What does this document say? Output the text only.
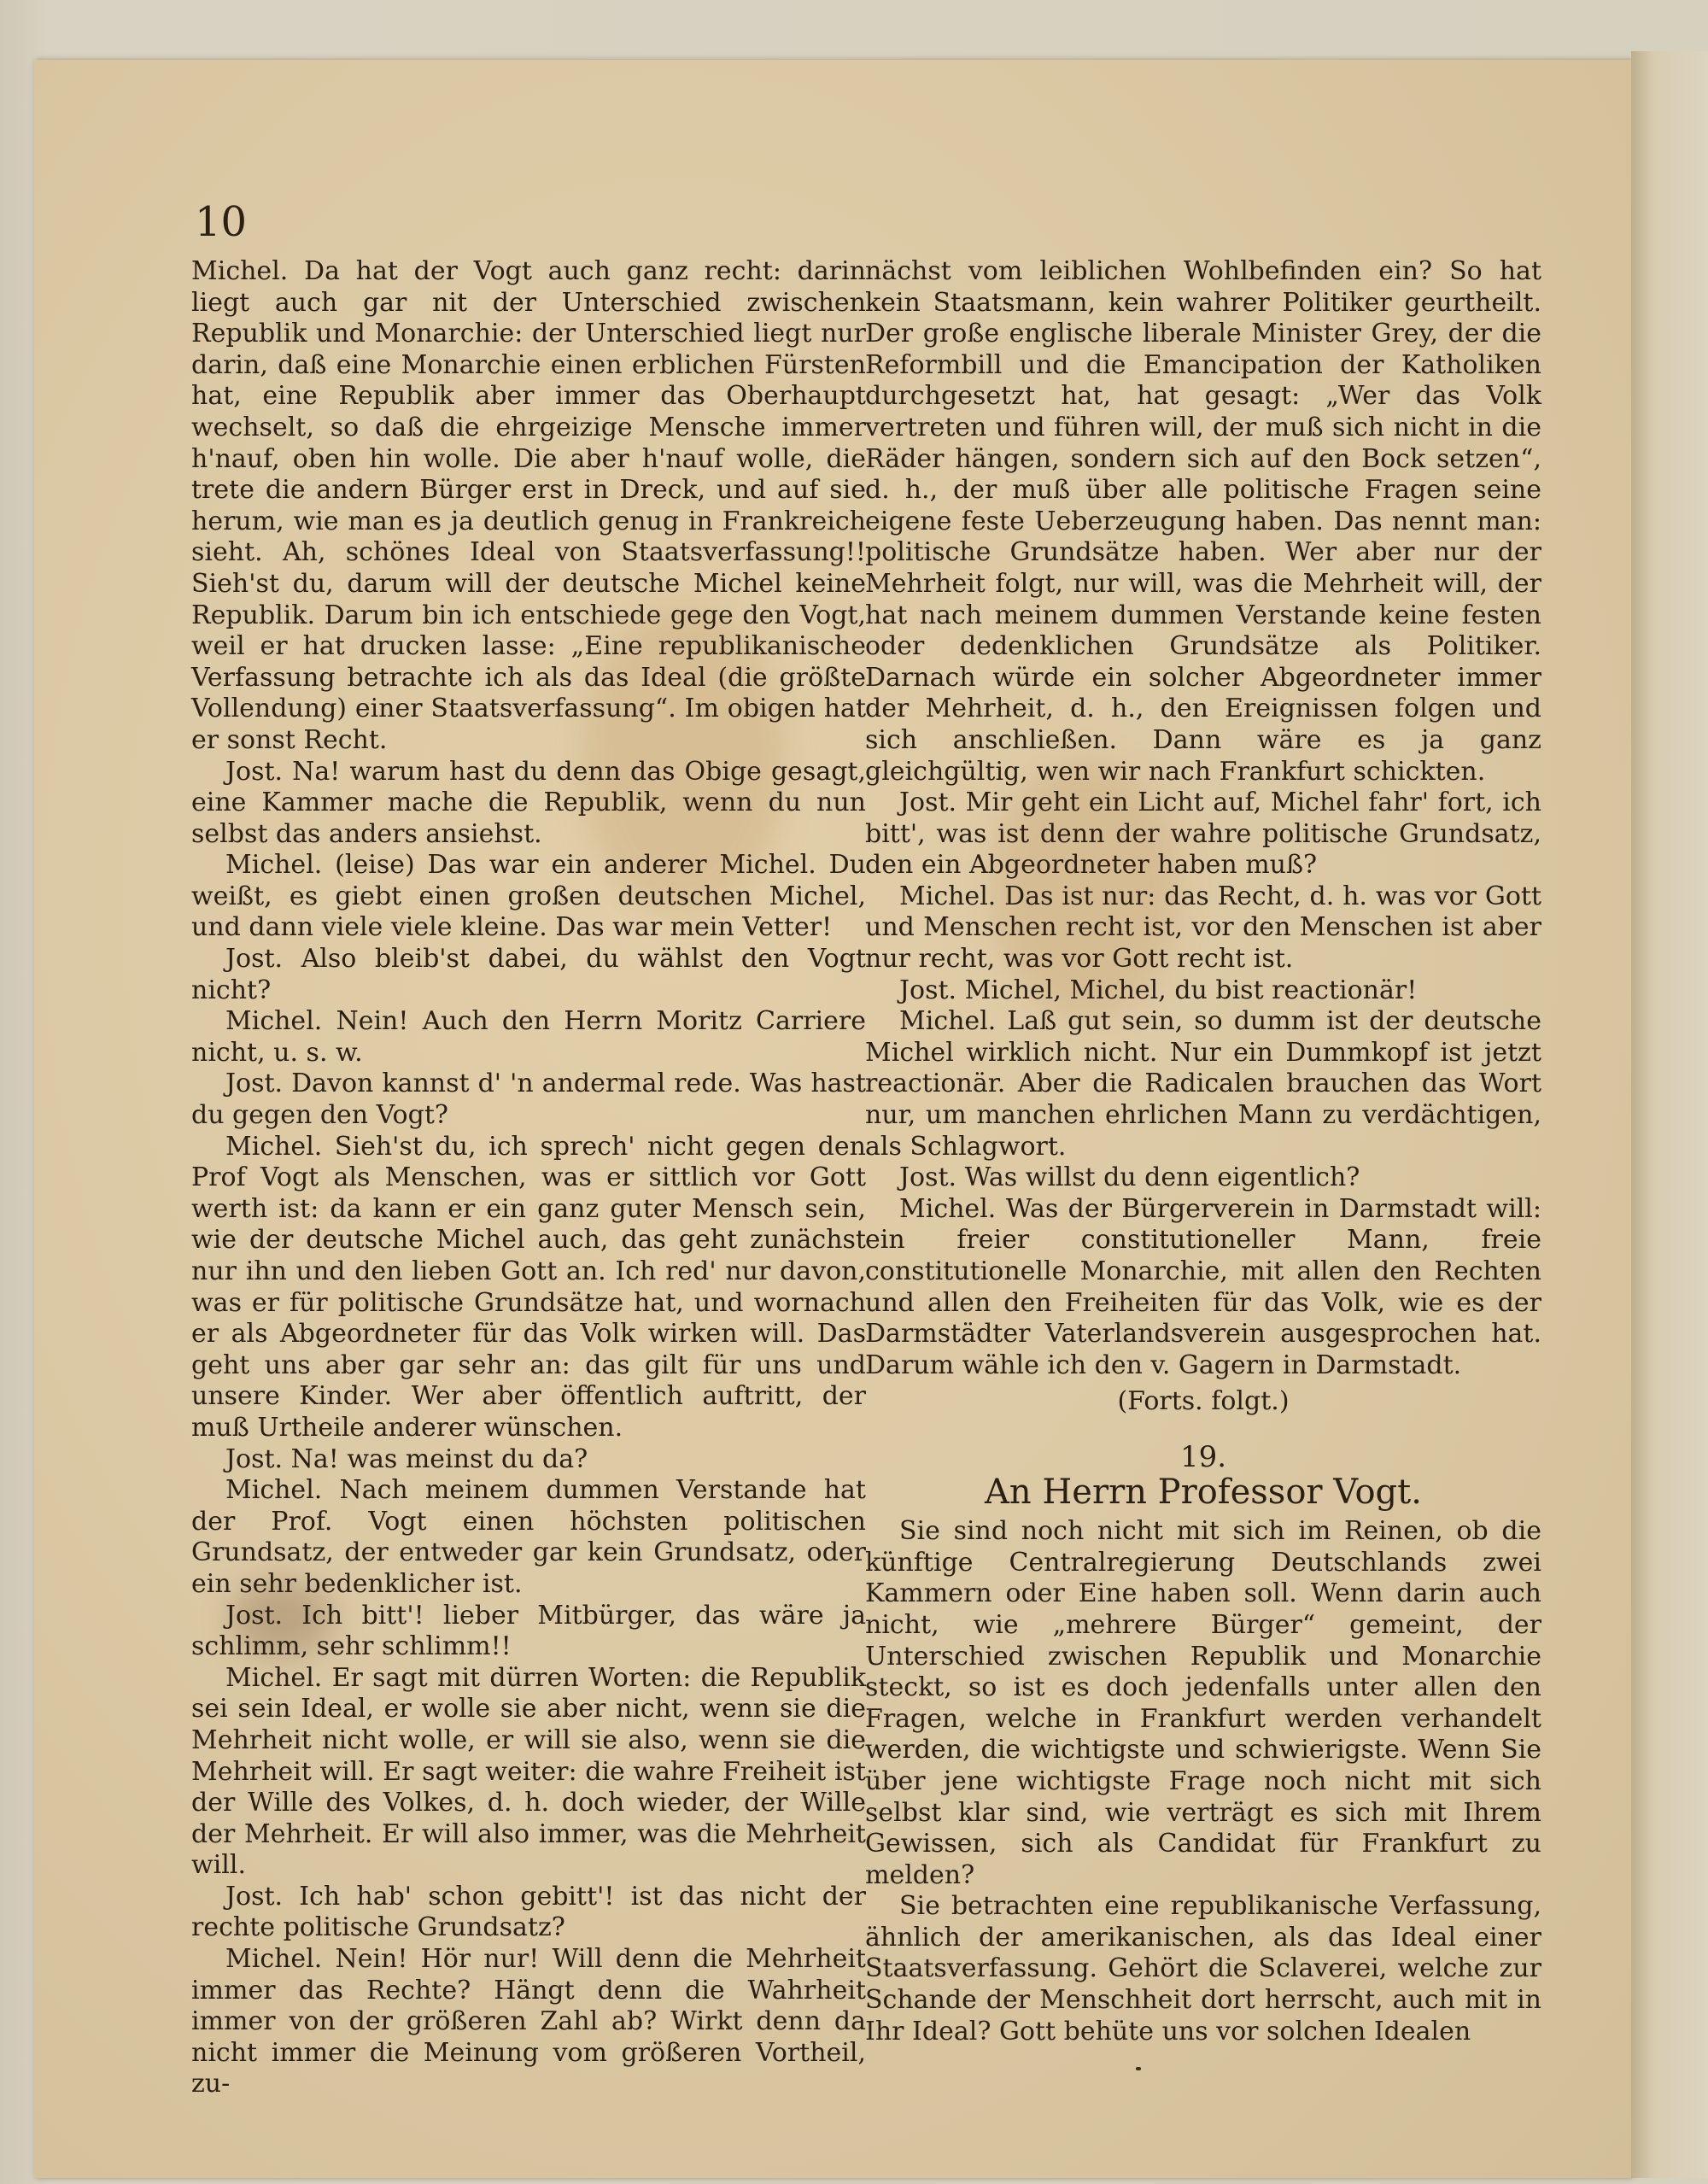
10

Michel. Da hat der Vogt auch ganz recht: darin liegt auch gar nit der Unterschied zwischen Republik und Monarchie: der Unterschied liegt nur darin, daß eine Monarchie einen erblichen Fürsten hat, eine Republik aber immer das Oberhaupt wechselt, so daß die ehrgeizige Mensche immer h'nauf, oben hin wolle. Die aber h'nauf wolle, die trete die andern Bürger erst in Dreck, und auf sie herum, wie man es ja deutlich genug in Frankreich sieht. Ah, schönes Ideal von Staatsverfassung!! Sieh'st du, darum will der deutsche Michel keine Republik. Darum bin ich entschiede gege den Vogt, weil er hat drucken lasse: „Eine republikanische Verfassung betrachte ich als das Ideal (die größte Vollendung) einer Staatsverfassung“. Im obigen hat er sonst Recht.

Jost. Na! warum hast du denn das Obige gesagt, eine Kammer mache die Republik, wenn du nun selbst das anders ansiehst.

Michel. (leise) Das war ein anderer Michel. Du weißt, es giebt einen großen deutschen Michel, und dann viele viele kleine. Das war mein Vetter!

Jost. Also bleib'st dabei, du wählst den Vogt nicht?

Michel. Nein! Auch den Herrn Moritz Carriere nicht, u. s. w.

Jost. Davon kannst d' 'n andermal rede. Was hast du gegen den Vogt?

Michel. Sieh'st du, ich sprech' nicht gegen den Prof Vogt als Menschen, was er sittlich vor Gott werth ist: da kann er ein ganz guter Mensch sein, wie der deutsche Michel auch, das geht zunächst nur ihn und den lieben Gott an. Ich red' nur davon, was er für politische Grundsätze hat, und wornach er als Abgeordneter für das Volk wirken will. Das geht uns aber gar sehr an: das gilt für uns und unsere Kinder. Wer aber öffentlich auftritt, der muß Urtheile anderer wünschen.

Jost. Na! was meinst du da?

Michel. Nach meinem dummen Verstande hat der Prof. Vogt einen höchsten politischen Grundsatz, der entweder gar kein Grundsatz, oder ein sehr bedenklicher ist.

Jost. Ich bitt'! lieber Mitbürger, das wäre ja schlimm, sehr schlimm!!

Michel. Er sagt mit dürren Worten: die Republik sei sein Ideal, er wolle sie aber nicht, wenn sie die Mehrheit nicht wolle, er will sie also, wenn sie die Mehrheit will. Er sagt weiter: die wahre Freiheit ist der Wille des Volkes, d. h. doch wieder, der Wille der Mehrheit. Er will also immer, was die Mehrheit will.

Jost. Ich hab' schon gebitt'! ist das nicht der rechte politische Grundsatz?

Michel. Nein! Hör nur! Will denn die Mehrheit immer das Rechte? Hängt denn die Wahrheit immer von der größeren Zahl ab? Wirkt denn da nicht immer die Meinung vom größeren Vortheil, zu-

nächst vom leiblichen Wohlbefinden ein? So hat kein Staatsmann, kein wahrer Politiker geurtheilt. Der große englische liberale Minister Grey, der die Reformbill und die Emancipation der Katholiken durchgesetzt hat, hat gesagt: „Wer das Volk vertreten und führen will, der muß sich nicht in die Räder hängen, sondern sich auf den Bock setzen“, d. h., der muß über alle politische Fragen seine eigene feste Ueberzeugung haben. Das nennt man: politische Grundsätze haben. Wer aber nur der Mehrheit folgt, nur will, was die Mehrheit will, der hat nach meinem dummen Verstande keine festen oder dedenklichen Grundsätze als Politiker. Darnach würde ein solcher Abgeordneter immer der Mehrheit, d. h., den Ereignissen folgen und sich anschließen. Dann wäre es ja ganz gleichgültig, wen wir nach Frankfurt schickten.

Jost. Mir geht ein Licht auf, Michel fahr' fort, ich bitt', was ist denn der wahre politische Grundsatz, den ein Abgeordneter haben muß?

Michel. Das ist nur: das Recht, d. h. was vor Gott und Menschen recht ist, vor den Menschen ist aber nur recht, was vor Gott recht ist.

Jost. Michel, Michel, du bist reactionär!

Michel. Laß gut sein, so dumm ist der deutsche Michel wirklich nicht. Nur ein Dummkopf ist jetzt reactionär. Aber die Radicalen brauchen das Wort nur, um manchen ehrlichen Mann zu verdächtigen, als Schlagwort.

Jost. Was willst du denn eigentlich?

Michel. Was der Bürgerverein in Darmstadt will: ein freier constitutioneller Mann, freie constitutionelle Monarchie, mit allen den Rechten und allen den Freiheiten für das Volk, wie es der Darmstädter Vaterlandsverein ausgesprochen hat. Darum wähle ich den v. Gagern in Darmstadt.

(Forts. folgt.)

19.

An Herrn Professor Vogt.

Sie sind noch nicht mit sich im Reinen, ob die künftige Centralregierung Deutschlands zwei Kammern oder Eine haben soll. Wenn darin auch nicht, wie „mehrere Bürger“ gemeint, der Unterschied zwischen Republik und Monarchie steckt, so ist es doch jedenfalls unter allen den Fragen, welche in Frankfurt werden verhandelt werden, die wichtigste und schwierigste. Wenn Sie über jene wichtigste Frage noch nicht mit sich selbst klar sind, wie verträgt es sich mit Ihrem Gewissen, sich als Candidat für Frankfurt zu melden?

Sie betrachten eine republikanische Verfassung, ähnlich der amerikanischen, als das Ideal einer Staatsverfassung. Gehört die Sclaverei, welche zur Schande der Menschheit dort herrscht, auch mit in Ihr Ideal? Gott behüte uns vor solchen Idealen
